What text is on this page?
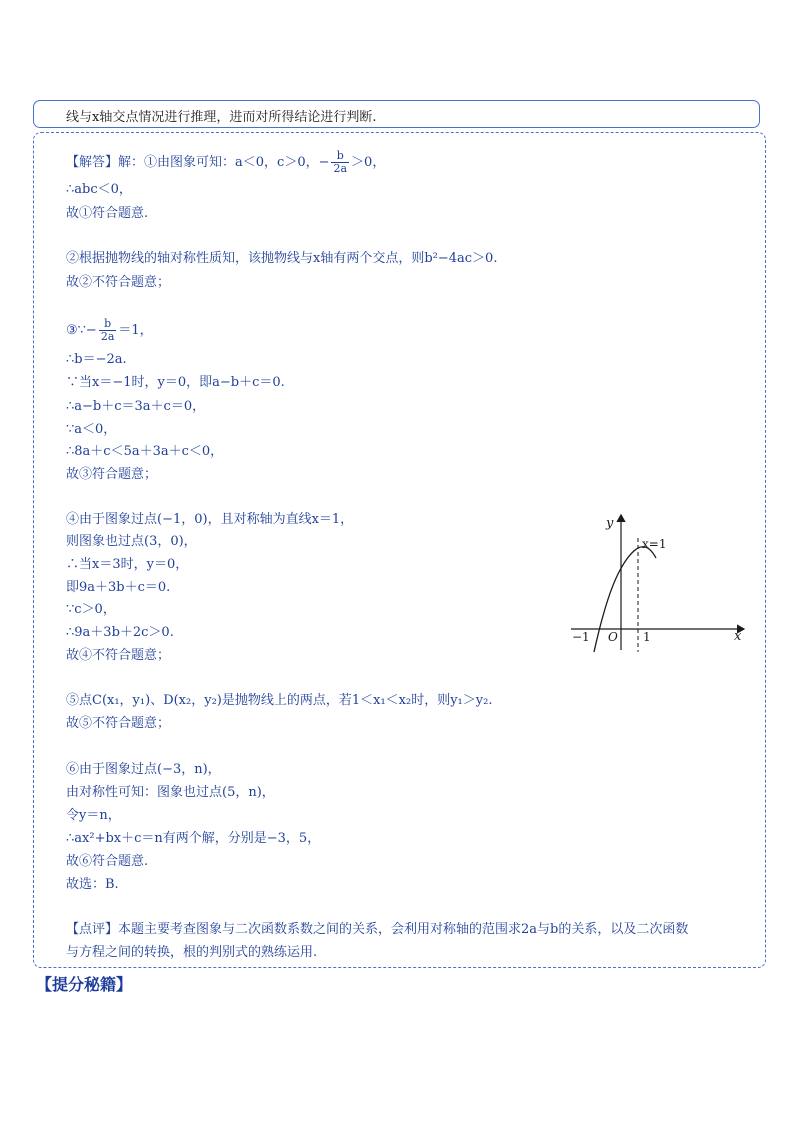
线与x轴交点情况进行推理，进而对所得结论进行判断.
【解答】解：①由图象可知：a＜0，c＞0，− $\frac{b}{2a} >0$，
∴abc＜0，
故①符合题意.
②根据抛物线的轴对称性质知，该抛物线与x轴有两个交点，则b²−4ac＞0.
故②不符合题意；
③∵− $\frac{b}{2a} =1$，
∴b＝−2a.
∵当x＝−1时，y＝0，即a−b＋c＝0.
∴a−b＋c＝3a＋c＝0，
∵a＜0，
∴8a＋c＜5a＋3a＋c＜0，
故③符合题意；
④由于图象过点(−1，0)，且对称轴为直线x＝1，
则图象也过点(3，0)，
∴当x＝3时，y＝0，
即9a＋3b＋c＝0.
∵c＞0，
∴9a＋3b＋2c＞0.
故④不符合题意；
⑤点C(x₁，y₁)、D(x₂，y₂)是抛物线上的两点，若1＜x₁＜x₂时，则y₁＞y₂.
故⑤不符合题意；
⑥由于图象过点(−3，n)，
由对称性可知：图象也过点(5，n)，
令y＝n，
∴ax²+bx＋c＝n有两个解，分别是−3，5，
故⑥符合题意.
故选：B.
【点评】本题主要考查图象与二次函数系数之间的关系，会利用对称轴的范围求2a与b的关系，以及二次函数
与方程之间的转换，根的判别式的熟练运用.
y
x
x=1
−1 O 1
【提分秘籍】
